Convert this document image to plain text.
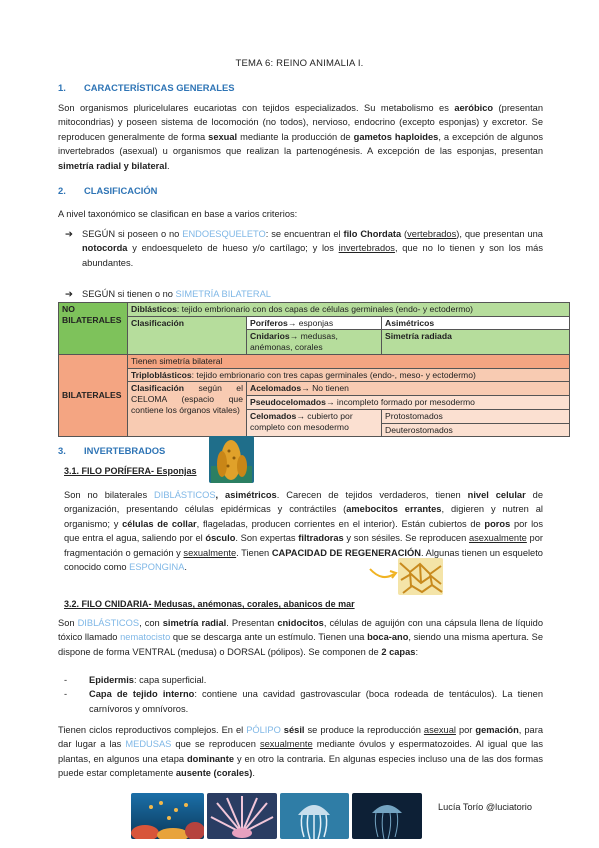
TEMA 6: REINO ANIMALIA I.
1. CARACTERÍSTICAS GENERALES
Son organismos pluricelulares eucariotas con tejidos especializados. Su metabolismo es aeróbico (presentan mitocondrias) y poseen sistema de locomoción (no todos), nervioso, endocrino (excepto esponjas) y excretor. Se reproducen generalmente de forma sexual mediante la producción de gametos haploides, a excepción de algunos invertebrados (asexual) u organismos que realizan la partenogénesis. A excepción de las esponjas, presentan simetría radial y bilateral.
2. CLASIFICACIÓN
A nivel taxonómico se clasifican en base a varios criterios:
➔ SEGÚN si poseen o no ENDOESQUELETO: se encuentran el filo Chordata (vertebrados), que presentan una notocorda y endoesqueleto de hueso y/o cartílago; y los invertebrados, que no lo tienen y son los más abundantes.
➔ SEGÚN si tienen o no SIMETRÍA BILATERAL
NO BILATERALES	Diblásticos: tejido embrionario con dos capas de células germinales (endo- y ectodermo)		
	Clasificación	Poríferos→ esponjas	Asimétricos
		Cnidarios→ medusas, anémonas, corales	Simetría radiada
BILATERALES	Tienen simetría bilateral		
	Triploblásticos: tejido embrionario con tres capas germinales (endo-, meso- y ectodermo)		
	Clasificación según el CELOMA (espacio que contiene los órganos vitales)	Acelomados→ No tienen	
		Pseudocelomados→ incompleto formado por mesodermo	
		Celomados→ cubierto por completo con mesodermo	Protostomados
			Deuterostomados
3. INVERTEBRADOS
3.1. FILO PORÍFERA- Esponjas
Son no bilaterales DIBLÁSTICOS, asimétricos. Carecen de tejidos verdaderos, tienen nivel celular de organización, presentando células epidérmicas y contráctiles (amebocitos errantes, digieren y nutren al organismo; y células de collar, flageladas, producen corrientes en el interior). Están cubiertos de poros por los que entra el agua, saliendo por el ósculo. Son expertas filtradoras y son sésiles. Se reproducen asexualmente por fragmentación o gemación y sexualmente. Tienen CAPACIDAD DE REGENERACIÓN. Algunas tienen un esqueleto conocido como ESPONGINA.
3.2. FILO CNIDARIA- Medusas, anémonas, corales, abanicos de mar
Son DIBLÁSTICOS, con simetría radial. Presentan cnidocitos, células de aguijón con una cápsula llena de líquido tóxico llamado nematocisto que se descarga ante un estímulo. Tienen una boca-ano, siendo una misma apertura. Se dispone de forma VENTRAL (medusa) o DORSAL (pólipos). Se componen de 2 capas:
- Epidermis: capa superficial.
- Capa de tejido interno: contiene una cavidad gastrovascular (boca rodeada de tentáculos). La tienen carnívoros y omnívoros.
Tienen ciclos reproductivos complejos. En el PÓLIPO sésil se produce la reproducción asexual por gemación, para dar lugar a las MEDUSAS que se reproducen sexualmente mediante óvulos y espermatozoides. Al igual que las plantas, en algunos una etapa dominante y en otro la contraria. En algunas especies incluso una de las dos formas puede estar completamente ausente (corales).
Lucía Torío @luciatorio
